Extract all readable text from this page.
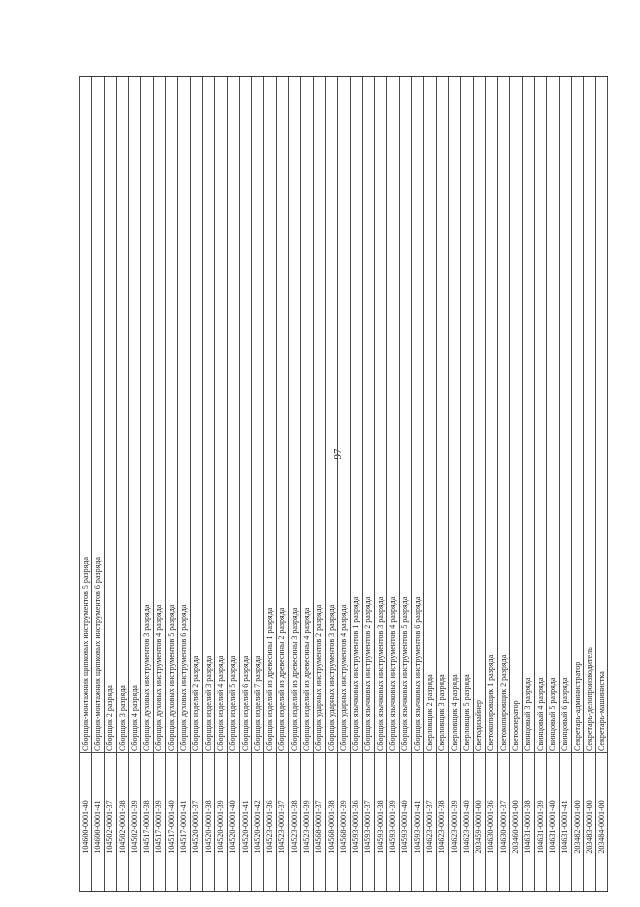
97
Сборщик-монтажник щипковых инструментов 5 разряда
104600-0001-40
Сборщик-монтажник щипковых инструментов 6 разряда
104600-0001-41
Сборщик 2 разряда
104502-0001-37
Сборщик 3 разряда
104502-0001-38
Сборщик 4 разряда
104502-0001-39
Сборщик духовых инструментов 3 разряда
104517-0001-38
Сборщик духовых инструментов 4 разряда
104517-0001-39
Сборщик духовых инструментов 5 разряда
104517-0001-40
Сборщик духовых инструментов 6 разряда
104517-0001-41
Сборщик изделий 2 разряда
104520-0001-37
Сборщик изделий 3 разряда
104520-0001-38
Сборщик изделий 4 разряда
104520-0001-39
Сборщик изделий 5 разряда
104520-0001-40
Сборщик изделий 6 разряда
104520-0001-41
Сборщик изделий 7 разряда
104520-0001-42
Сборщик изделий из древесины 1 разряда
104523-0001-36
Сборщик изделий из древесины 2 разряда
104523-0001-37
Сборщик изделий из древесины 3 разряда
104523-0001-38
Сборщик изделий из древесины 4 разряда
104523-0001-39
Сборщик ударных инструментов 2 разряда
104568-0001-37
Сборщик ударных инструментов 3 разряда
104568-0001-38
Сборщик ударных инструментов 4 разряда
104568-0001-39
Сборщик язычковых инструментов 1 разряда
104593-0001-36
Сборщик язычковых инструментов 2 разряда
104593-0001-37
Сборщик язычковых инструментов 3 разряда
104593-0001-38
Сборщик язычковых инструментов 4 разряда
104593-0001-39
Сборщик язычковых инструментов 5 разряда
104593-0001-40
Сборщик язычковых инструментов 6 разряда
104593-0001-41
Сверловщик 2 разряда
104623-0001-37
Сверловщик 3 разряда
104623-0001-38
Сверловщик 4 разряда
104623-0001-39
Сверловщик 5 разряда
104623-0001-40
Светодизайнер
203459-0001-00
Светокопировщик 1 разряда
104630-0001-36
Светокопировщик 2 разряда
104630-0001-37
Светооператор
203460-0001-00
Свинцовый 3 разряда
104631-0001-38
Свинцовый 4 разряда
104631-0001-39
Свинцовый 5 разряда
104631-0001-40
Свинцовый 6 разряда
104631-0001-41
Секретарь-администратор
203482-0001-00
Секретарь-делопроизводитель
203483-0001-00
Секретарь-машинистка
203484-0001-00
